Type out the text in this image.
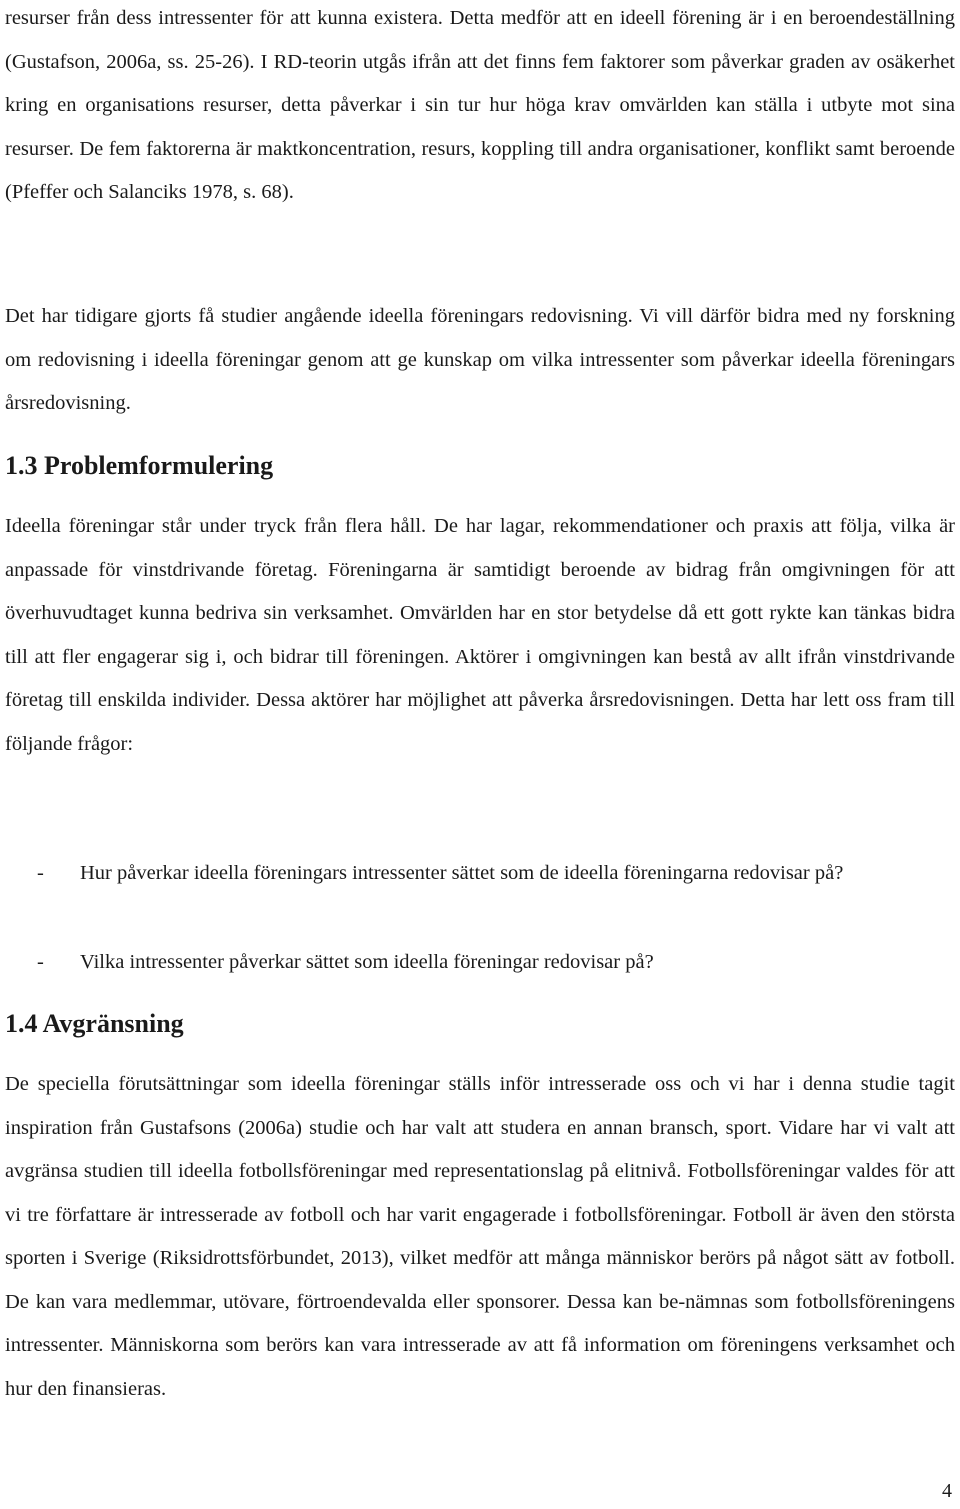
resurser från dess intressenter för att kunna existera. Detta medför att en ideell förening är i en beroendeställning (Gustafson, 2006a, ss. 25-26). I RD-teorin utgås ifrån att det finns fem faktorer som påverkar graden av osäkerhet kring en organisations resurser, detta påverkar i sin tur hur höga krav omvärlden kan ställa i utbyte mot sina resurser. De fem faktorerna är maktkoncentration, resurs, koppling till andra organisationer, konflikt samt beroende (Pfeffer och Salanciks 1978, s. 68).

Det har tidigare gjorts få studier angående ideella föreningars redovisning. Vi vill därför bidra med ny forskning om redovisning i ideella föreningar genom att ge kunskap om vilka intressenter som påverkar ideella föreningars årsredovisning.

1.3 Problemformulering

Ideella föreningar står under tryck från flera håll. De har lagar, rekommendationer och praxis att följa, vilka är anpassade för vinstdrivande företag. Föreningarna är samtidigt beroende av bidrag från omgivningen för att överhuvudtaget kunna bedriva sin verksamhet. Omvärlden har en stor betydelse då ett gott rykte kan tänkas bidra till att fler engagerar sig i, och bidrar till föreningen. Aktörer i omgivningen kan bestå av allt ifrån vinstdrivande företag till enskilda individer. Dessa aktörer har möjlighet att påverka årsredovisningen. Detta har lett oss fram till följande frågor:

-	Hur påverkar ideella föreningars intressenter sättet som de ideella föreningarna redovisar på?
-	Vilka intressenter påverkar sättet som ideella föreningar redovisar på?
1.4 Avgränsning

De speciella förutsättningar som ideella föreningar ställs inför intresserade oss och vi har i denna studie tagit inspiration från Gustafsons (2006a) studie och har valt att studera en annan bransch, sport. Vidare har vi valt att avgränsa studien till ideella fotbollsföreningar med representationslag på elitnivå. Fotbollsföreningar valdes för att vi tre författare är intresserade av fotboll och har varit engagerade i fotbollsföreningar. Fotboll är även den största sporten i Sverige (Riksidrottsförbundet, 2013), vilket medför att många människor berörs på något sätt av fotboll. De kan vara medlemmar, utövare, förtroendevalda eller sponsorer. Dessa kan be-nämnas som fotbollsföreningens intressenter. Människorna som berörs kan vara intresserade av att få information om föreningens verksamhet och hur den finansieras.

4
